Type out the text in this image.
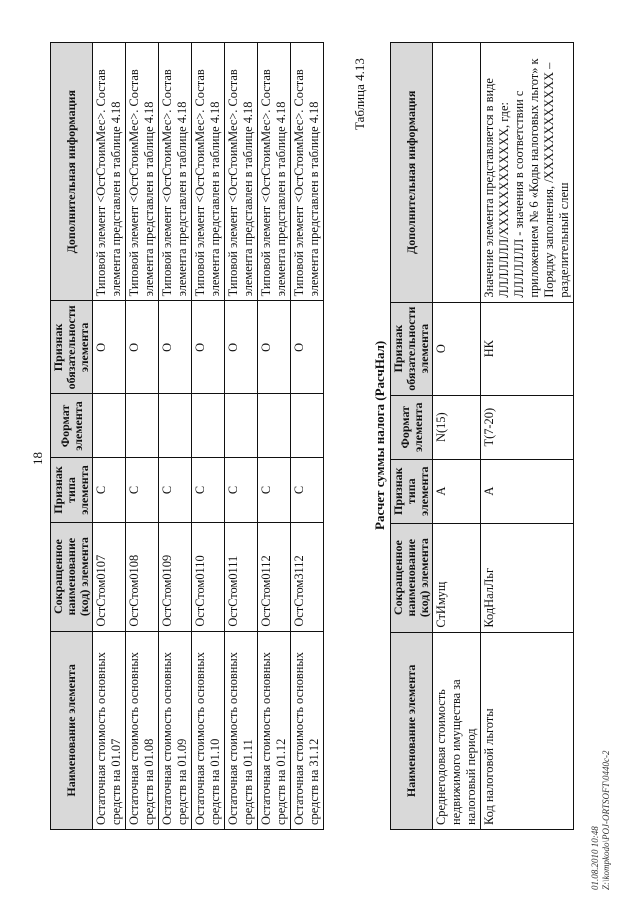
18
Наименование элемента	Сокращенное наименование (код) элемента	Признак типа элемента	Формат элемента	Признак обязательности элемента	Дополнительная информация
Остаточная стоимость основных средств на 01.07	ОстСтом0107	С		О	Типовой элемент <ОстСтоимМес>. Состав элемента представлен в таблице 4.18
Остаточная стоимость основных средств на 01.08	ОстСтом0108	С		О	Типовой элемент <ОстСтоимМес>. Состав элемента представлен в таблице 4.18
Остаточная стоимость основных средств на 01.09	ОстСтом0109	С		О	Типовой элемент <ОстСтоимМес>. Состав элемента представлен в таблице 4.18
Остаточная стоимость основных средств на 01.10	ОстСтом0110	С		О	Типовой элемент <ОстСтоимМес>. Состав элемента представлен в таблице 4.18
Остаточная стоимость основных средств на 01.11	ОстСтом0111	С		О	Типовой элемент <ОстСтоимМес>. Состав элемента представлен в таблице 4.18
Остаточная стоимость основных средств на 01.12	ОстСтом0112	С		О	Типовой элемент <ОстСтоимМес>. Состав элемента представлен в таблице 4.18
Остаточная стоимость основных средств на 31.12	ОстСтом3112	С		О	Типовой элемент <ОстСтоимМес>. Состав элемента представлен в таблице 4.18
Таблица 4.13
Расчет суммы налога (РасчНал)
Наименование элемента	Сокращенное наименование (код) элемента	Признак типа элемента	Формат элемента	Признак обязательности элемента	Дополнительная информация
Среднегодовая стоимость недвижимого имущества за налоговый период	СтИмущ	А	N(15)	О	
Код налоговой льготы	КодНалЛьг	А	T(7-20)	НК	Значение элемента представляется в виде ЛЛЛЛЛЛЛ/ХХХХХХХХХХХХ, где: ЛЛЛЛЛЛЛ - значения в соответствии с приложением № 6 «Коды налоговых льгот» к Порядку заполнения, /ХХХХХХХХХХХХ – разделительный слеш
01.08.2010 10:48 Z:\kompkodo\POJ-ORTSOFT\0440c-2
